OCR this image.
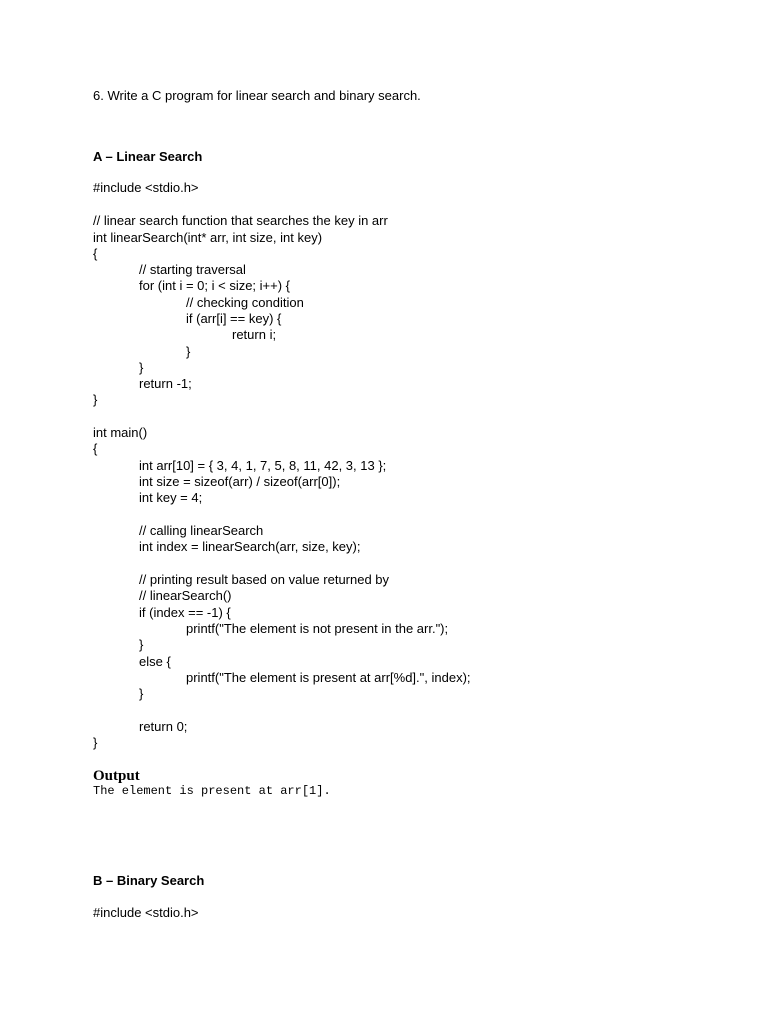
6. Write a C program for linear search and binary search.
A – Linear Search
#include <stdio.h>
// linear search function that searches the key in arr
int linearSearch(int* arr, int size, int key)
{
// starting traversal
for (int i = 0; i < size; i++) {
// checking condition
if (arr[i] == key) {
return i;
}
}
return -1;
}
int main()
{
int arr[10] = { 3, 4, 1, 7, 5, 8, 11, 42, 3, 13 };
int size = sizeof(arr) / sizeof(arr[0]);
int key = 4;
// calling linearSearch
int index = linearSearch(arr, size, key);
// printing result based on value returned by
// linearSearch()
if (index == -1) {
printf("The element is not present in the arr.");
}
else {
printf("The element is present at arr[%d].", index);
}
return 0;
}
Output
The element is present at arr[1].
B – Binary Search
#include <stdio.h>
